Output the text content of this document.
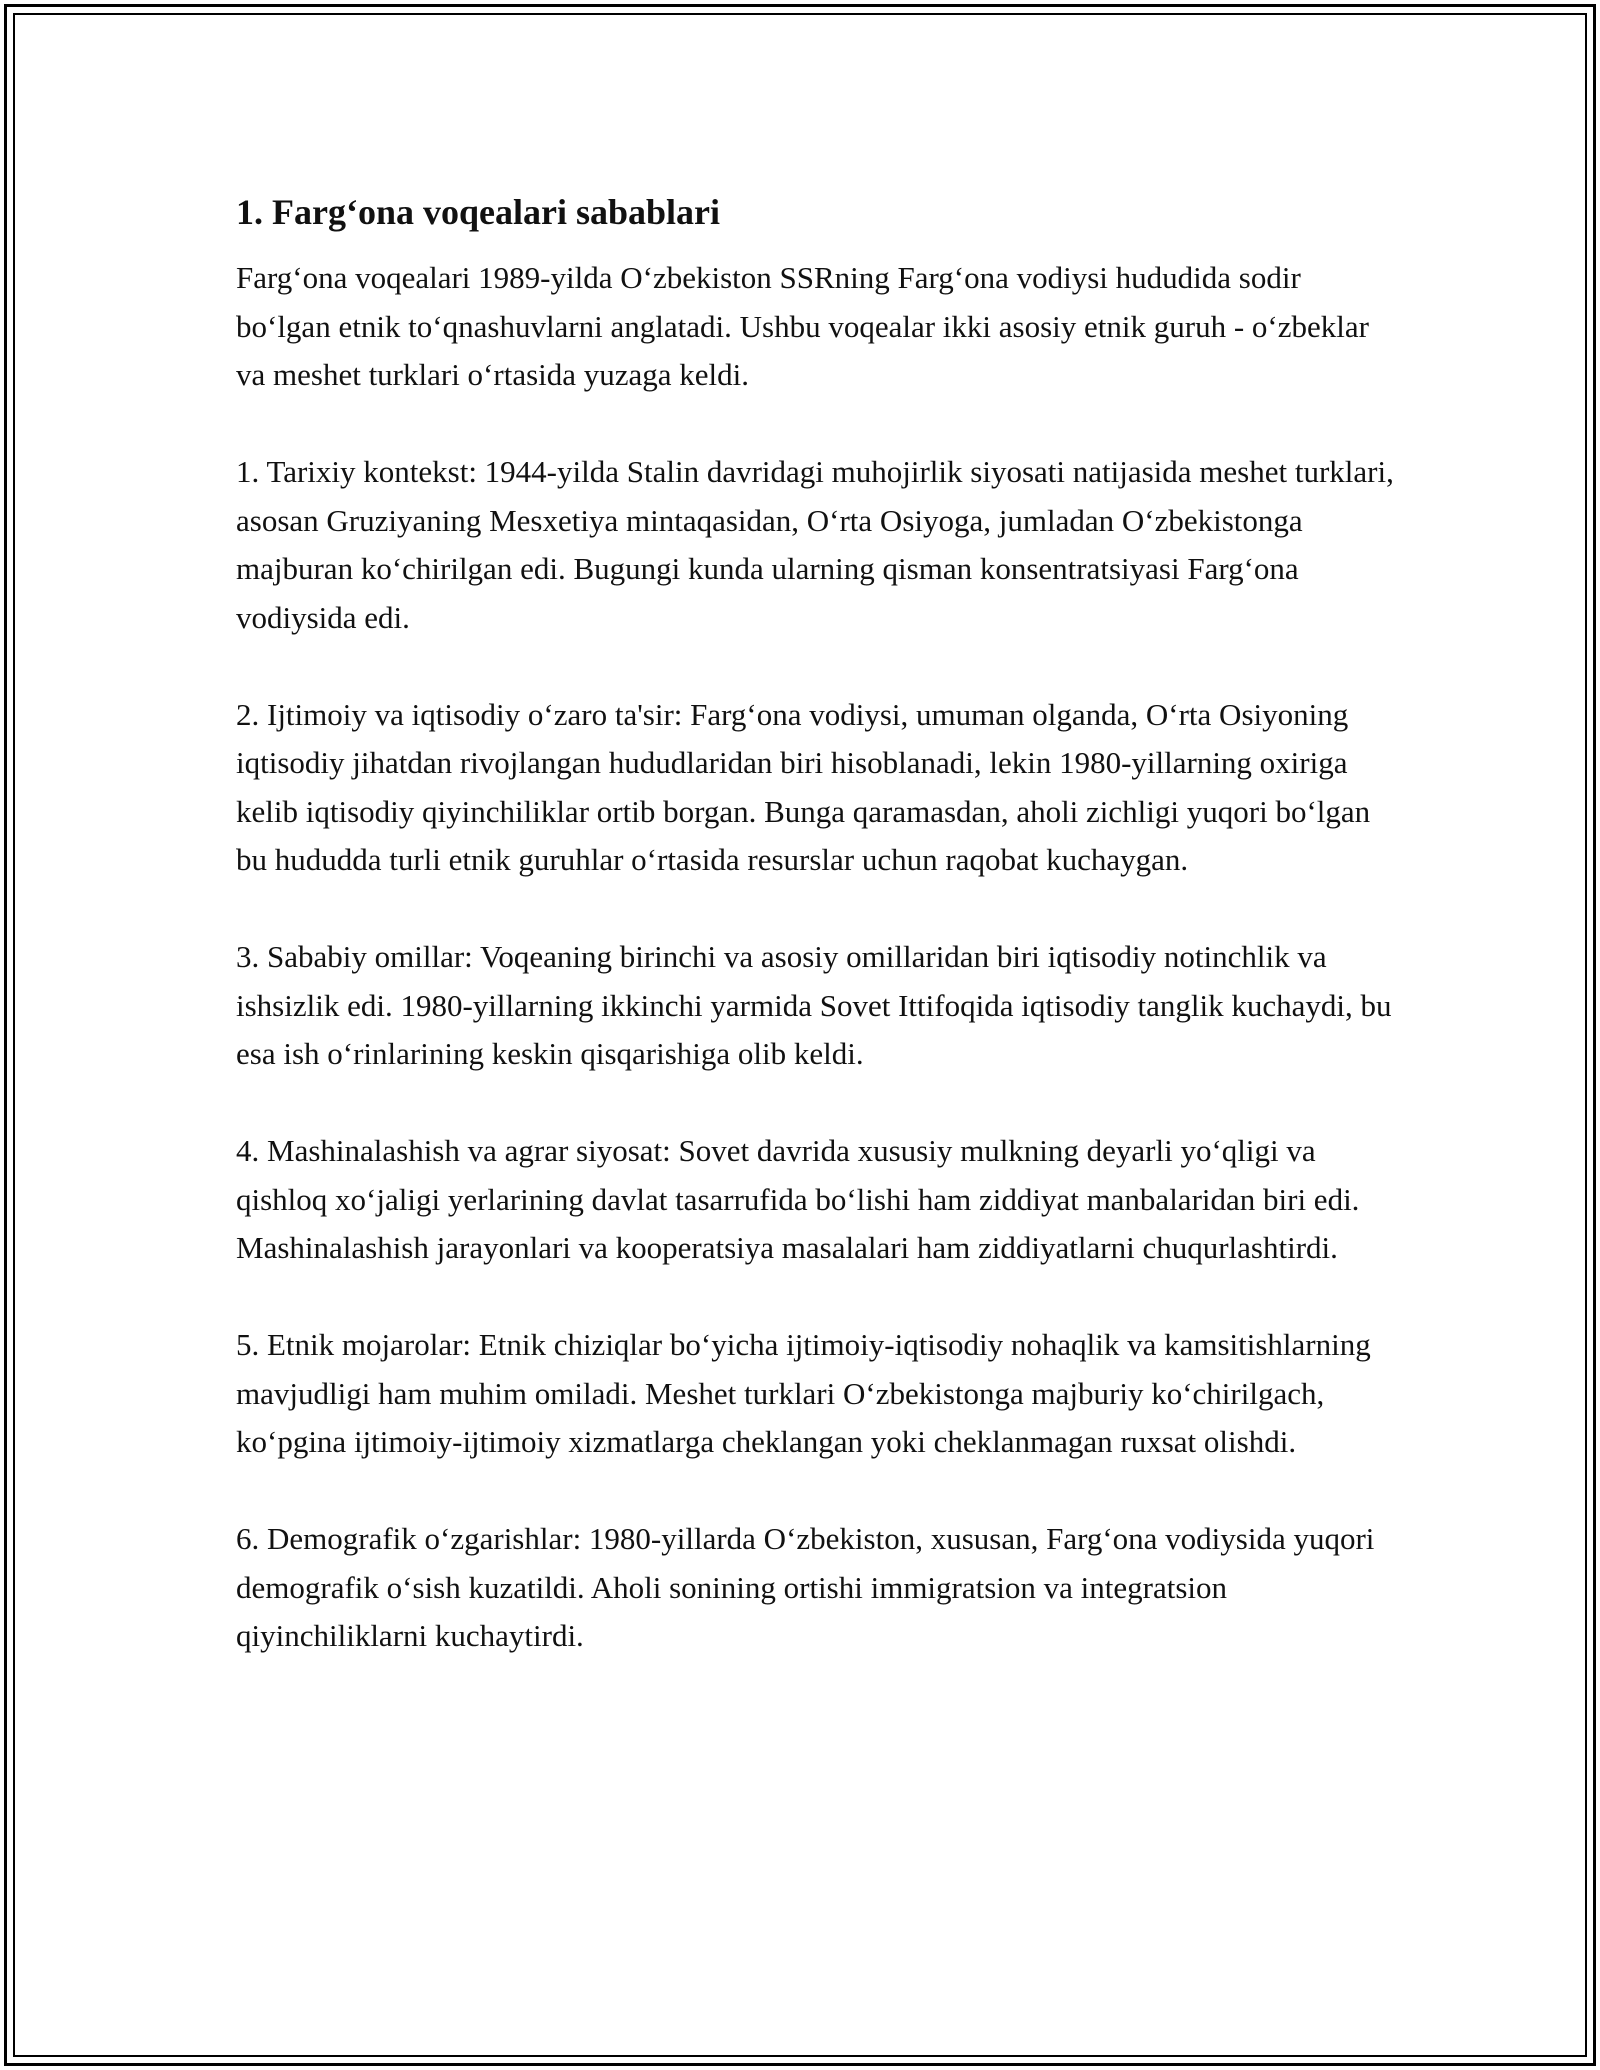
1. Farg‘ona voqealari sabablari

Farg‘ona voqealari 1989-yilda O‘zbekiston SSRning Farg‘ona vodiysi hududida sodir bo‘lgan etnik to‘qnashuvlarni anglatadi. Ushbu voqealar ikki asosiy etnik guruh - o‘zbeklar va meshet turklari o‘rtasida yuzaga keldi.

1. Tarixiy kontekst: 1944-yilda Stalin davridagi muhojirlik siyosati natijasida meshet turklari, asosan Gruziyaning Mesxetiya mintaqasidan, O‘rta Osiyoga, jumladan O‘zbekistonga majburan ko‘chirilgan edi. Bugungi kunda ularning qisman konsentratsiyasi Farg‘ona vodiysida edi.

2. Ijtimoiy va iqtisodiy o‘zaro ta'sir: Farg‘ona vodiysi, umuman olganda, O‘rta Osiyoning iqtisodiy jihatdan rivojlangan hududlaridan biri hisoblanadi, lekin 1980-yillarning oxiriga kelib iqtisodiy qiyinchiliklar ortib borgan. Bunga qaramasdan, aholi zichligi yuqori bo‘lgan bu hududda turli etnik guruhlar o‘rtasida resurslar uchun raqobat kuchaygan.

3. Sababiy omillar: Voqeaning birinchi va asosiy omillaridan biri iqtisodiy notinchlik va ishsizlik edi. 1980-yillarning ikkinchi yarmida Sovet Ittifoqida iqtisodiy tanglik kuchaydi, bu esa ish o‘rinlarining keskin qisqarishiga olib keldi.

4. Mashinalashish va agrar siyosat: Sovet davrida xususiy mulkning deyarli yo‘qligi va qishloq xo‘jaligi yerlarining davlat tasarrufida bo‘lishi ham ziddiyat manbalaridan biri edi. Mashinalashish jarayonlari va kooperatsiya masalalari ham ziddiyatlarni chuqurlashtirdi.

5. Etnik mojarolar: Etnik chiziqlar bo‘yicha ijtimoiy-iqtisodiy nohaqlik va kamsitishlarning mavjudligi ham muhim omiladi. Meshet turklari O‘zbekistonga majburiy ko‘chirilgach, ko‘pgina ijtimoiy-ijtimoiy xizmatlarga cheklangan yoki cheklanmagan ruxsat olishdi.

6. Demografik o‘zgarishlar: 1980-yillarda O‘zbekiston, xususan, Farg‘ona vodiysida yuqori demografik o‘sish kuzatildi. Aholi sonining ortishi immigratsion va integratsion qiyinchiliklarni kuchaytirdi.
